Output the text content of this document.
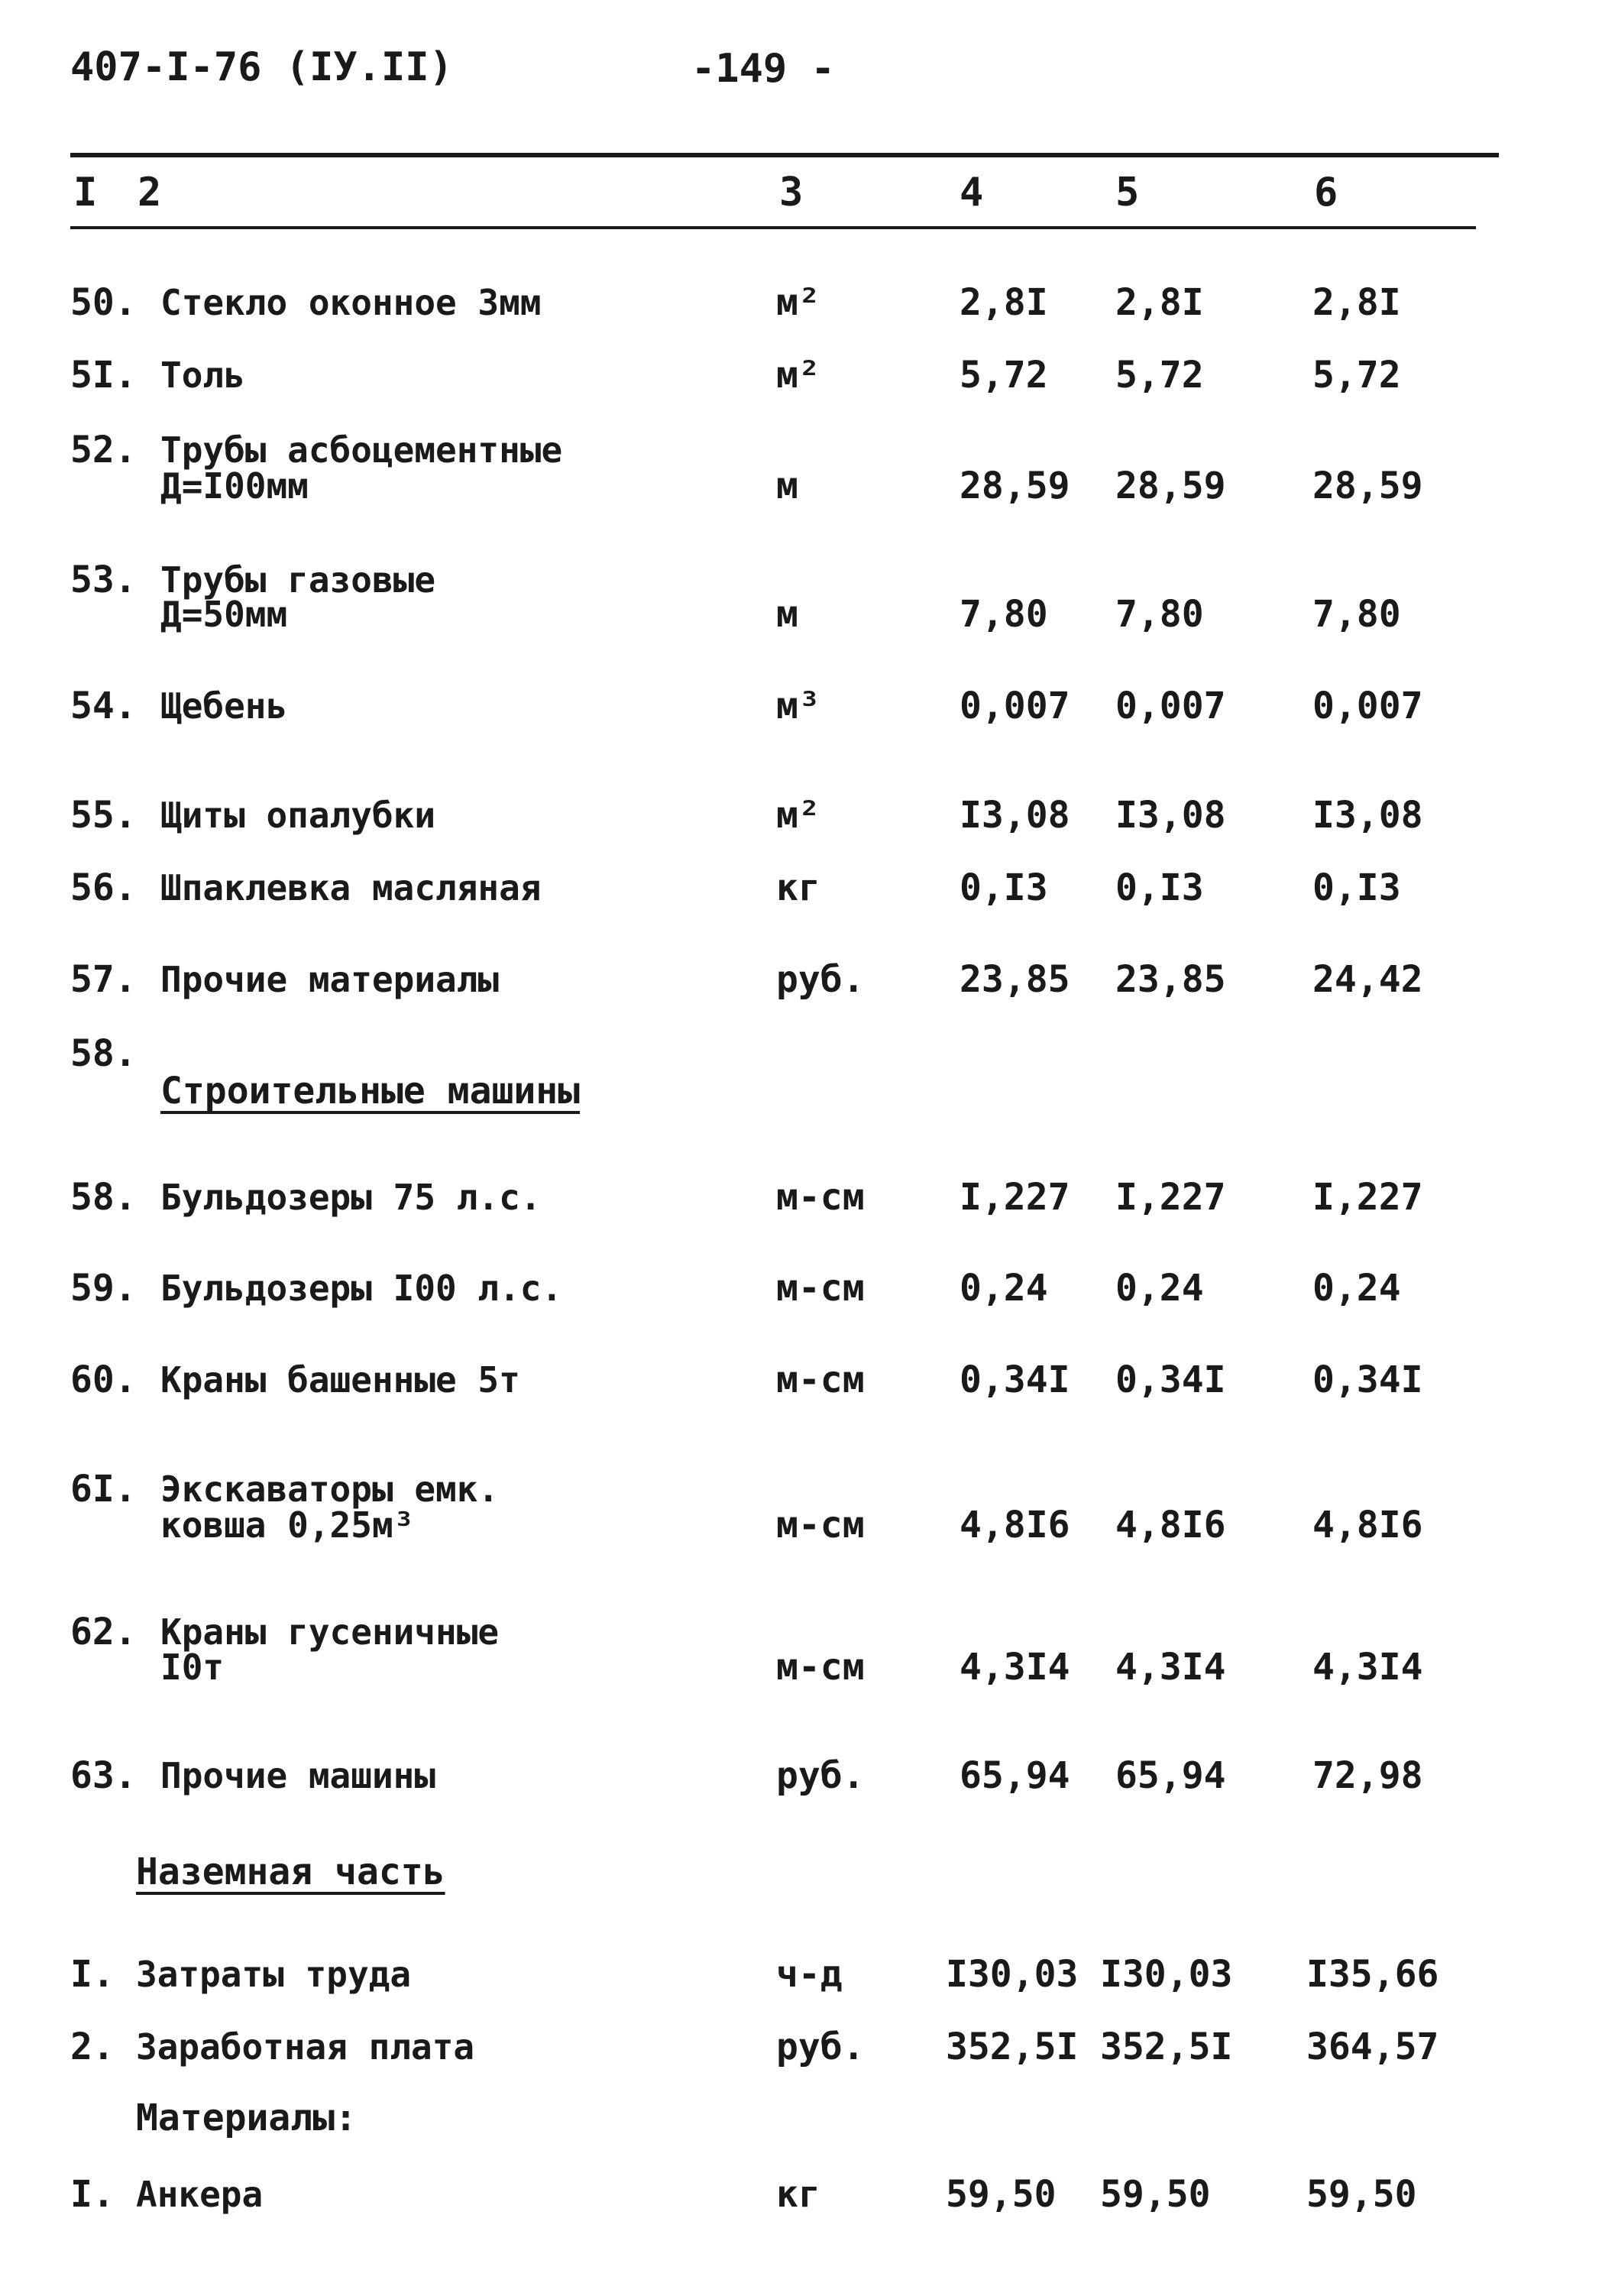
407-I-76 (IУ.II)	-149 -
I 2	3	4	5	6
50. Стекло оконное 3мм	м²	2,8I 2,8I	2,8I
5I. Толь	м²	5,72 5,72	5,72
52. Трубы асбоцементные
Д=I00мм	м	28,59 28,59 28,59
53. Трубы газовые
Д=50мм	м	7,80 7,80	7,80
54. Щебень	м³	0,007 0,007 0,007
55. Щиты опалубки	м²	I3,08 I3,08 I3,08
56. Шпаклевка масляная	кг	0,I3 0,I3	0,I3
57. Прочие материалы	руб.	23,85 23,85 24,42
58.
Строительные машины
58. Бульдозеры 75 л.с.	м-см	I,227 I,227 I,227
59. Бульдозеры I00 л.с.	м-см	0,24 0,24	0,24
60. Краны башенные 5т	м-см	0,34I 0,34I 0,34I
6I. Экскаваторы емк.
ковша 0,25м³	м-см	4,8I6 4,8I6 4,8I6
62. Краны гусеничные
I0т	м-см	4,3I4 4,3I4 4,3I4
63. Прочие машины	руб.	65,94 65,94 72,98
Наземная часть
I. Затраты труда	ч-д	I30,03 I30,03 I35,66
2. Заработная плата	руб. 352,5I 352,5I 364,57
Материалы:
I. Анкера	кг	59,50 59,50	59,50
